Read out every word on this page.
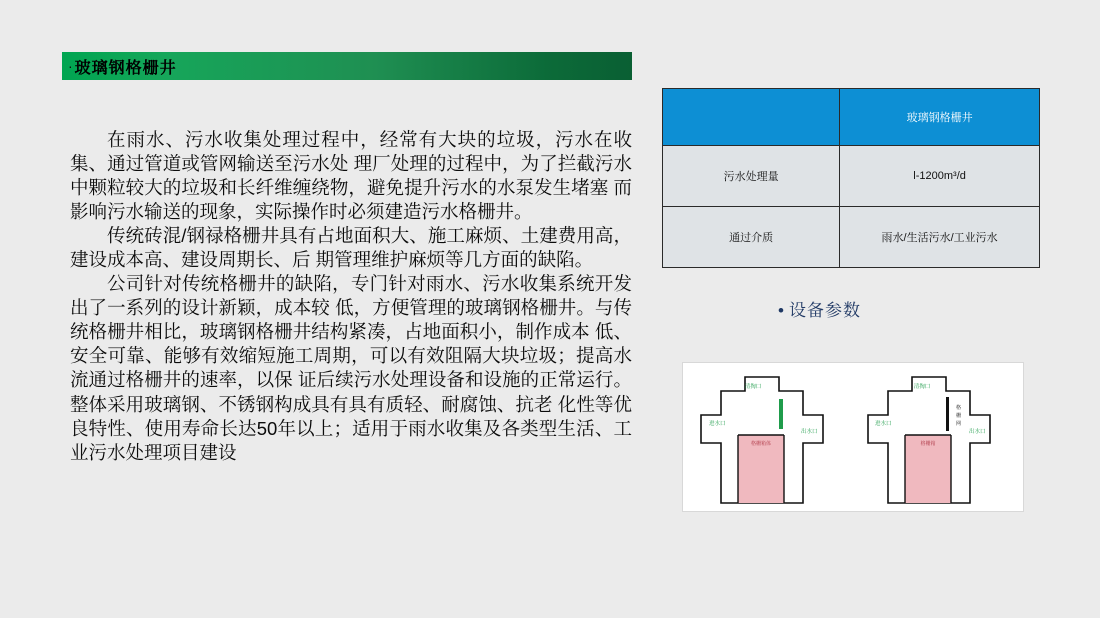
· 玻璃钢格栅井

在雨水、污水收集处理过程中，经常有大块的垃圾，污水在收集、通过管道或管网输送至污水处 理厂处理的过程中，为了拦截污水中颗粒较大的垃圾和长纤维缠绕物，避免提升污水的水泵发生堵塞 而影响污水输送的现象，实际操作时必须建造污水格栅井。

传统砖混/钢禄格栅井具有占地面积大、施工麻烦、土建费用高，建设成本高、建设周期长、后 期管理维护麻烦等几方面的缺陷。

公司针对传统格栅井的缺陷，专门针对雨水、污水收集系统开发出了一系列的设计新颖，成本较 低，方便管理的玻璃钢格栅井。与传统格栅井相比，玻璃钢格栅井结构紧凑，占地面积小，制作成本 低、安全可靠、能够有效缩短施工周期，可以有效阻隔大块垃圾；提高水流通过格栅井的速率，以保 证后续污水处理设备和设施的正常运行。整体采用玻璃钢、不锈钢构成具有具有质轻、耐腐蚀、抗老 化性等优良特性、使用寿命长达50年以上；适用于雨水收集及各类型生活、工业污水处理项目建设

	玻璃钢格栅井
污水处理量	l-1200m³/d
通过介质	雨水/生活污水/工业污水
• 设备参数
清掏口
进水口
出水口
格栅箱体
清掏口
进水口
出水口
格栅箱
格
栅
网
